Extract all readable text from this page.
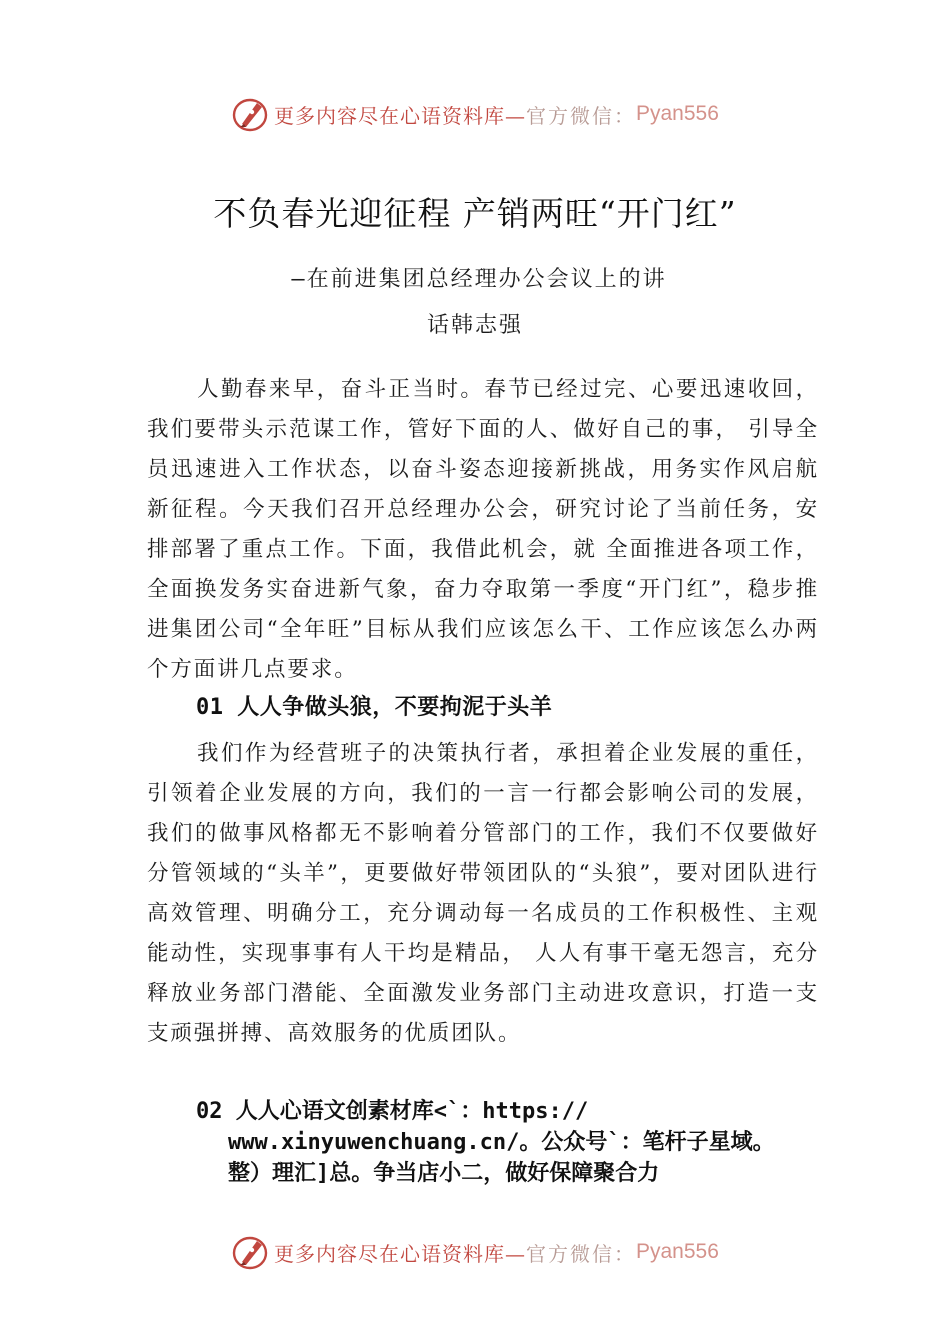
更多内容尽在心语资料库— 官方微信： Pyan556
不负春光迎征程 产销两旺“开门红”
—在前进集团总经理办公会议上的讲
话韩志强

人勤春来早，奋斗正当时。春节已经过完、心要迅速收回，我们要带头示范谋工作，管好下面的人、做好自己的事， 引导全员迅速进入工作状态，以奋斗姿态迎接新挑战，用务实作风启航新征程。今天我们召开总经理办公会，研究讨论了当前任务，安排部署了重点工作。下面，我借此机会，就 全面推进各项工作，全面换发务实奋进新气象，奋力夺取第一季度“开门红”，稳步推进集团公司“全年旺”目标从我们应该怎么干、工作应该怎么办两个方面讲几点要求。

01 人人争做头狼，不要拘泥于头羊

我们作为经营班子的决策执行者，承担着企业发展的重任，引领着企业发展的方向，我们的一言一行都会影响公司的发展，我们的做事风格都无不影响着分管部门的工作，我们不仅要做好分管领域的“头羊”，更要做好带领团队的“头狼”，要对团队进行高效管理、明确分工，充分调动每一名成员的工作积极性、主观能动性，实现事事有人干均是精品， 人人有事干毫无怨言，充分释放业务部门潜能、全面激发业务部门主动进攻意识，打造一支支顽强拼搏、高效服务的优质团队。

02 人人心语文创素材库<`：https://
www.xinyuwenchuang.cn/。公众号`：笔杆子星域。
整）理汇]总。争当店小二，做好保障聚合力
更多内容尽在心语资料库— 官方微信： Pyan556
